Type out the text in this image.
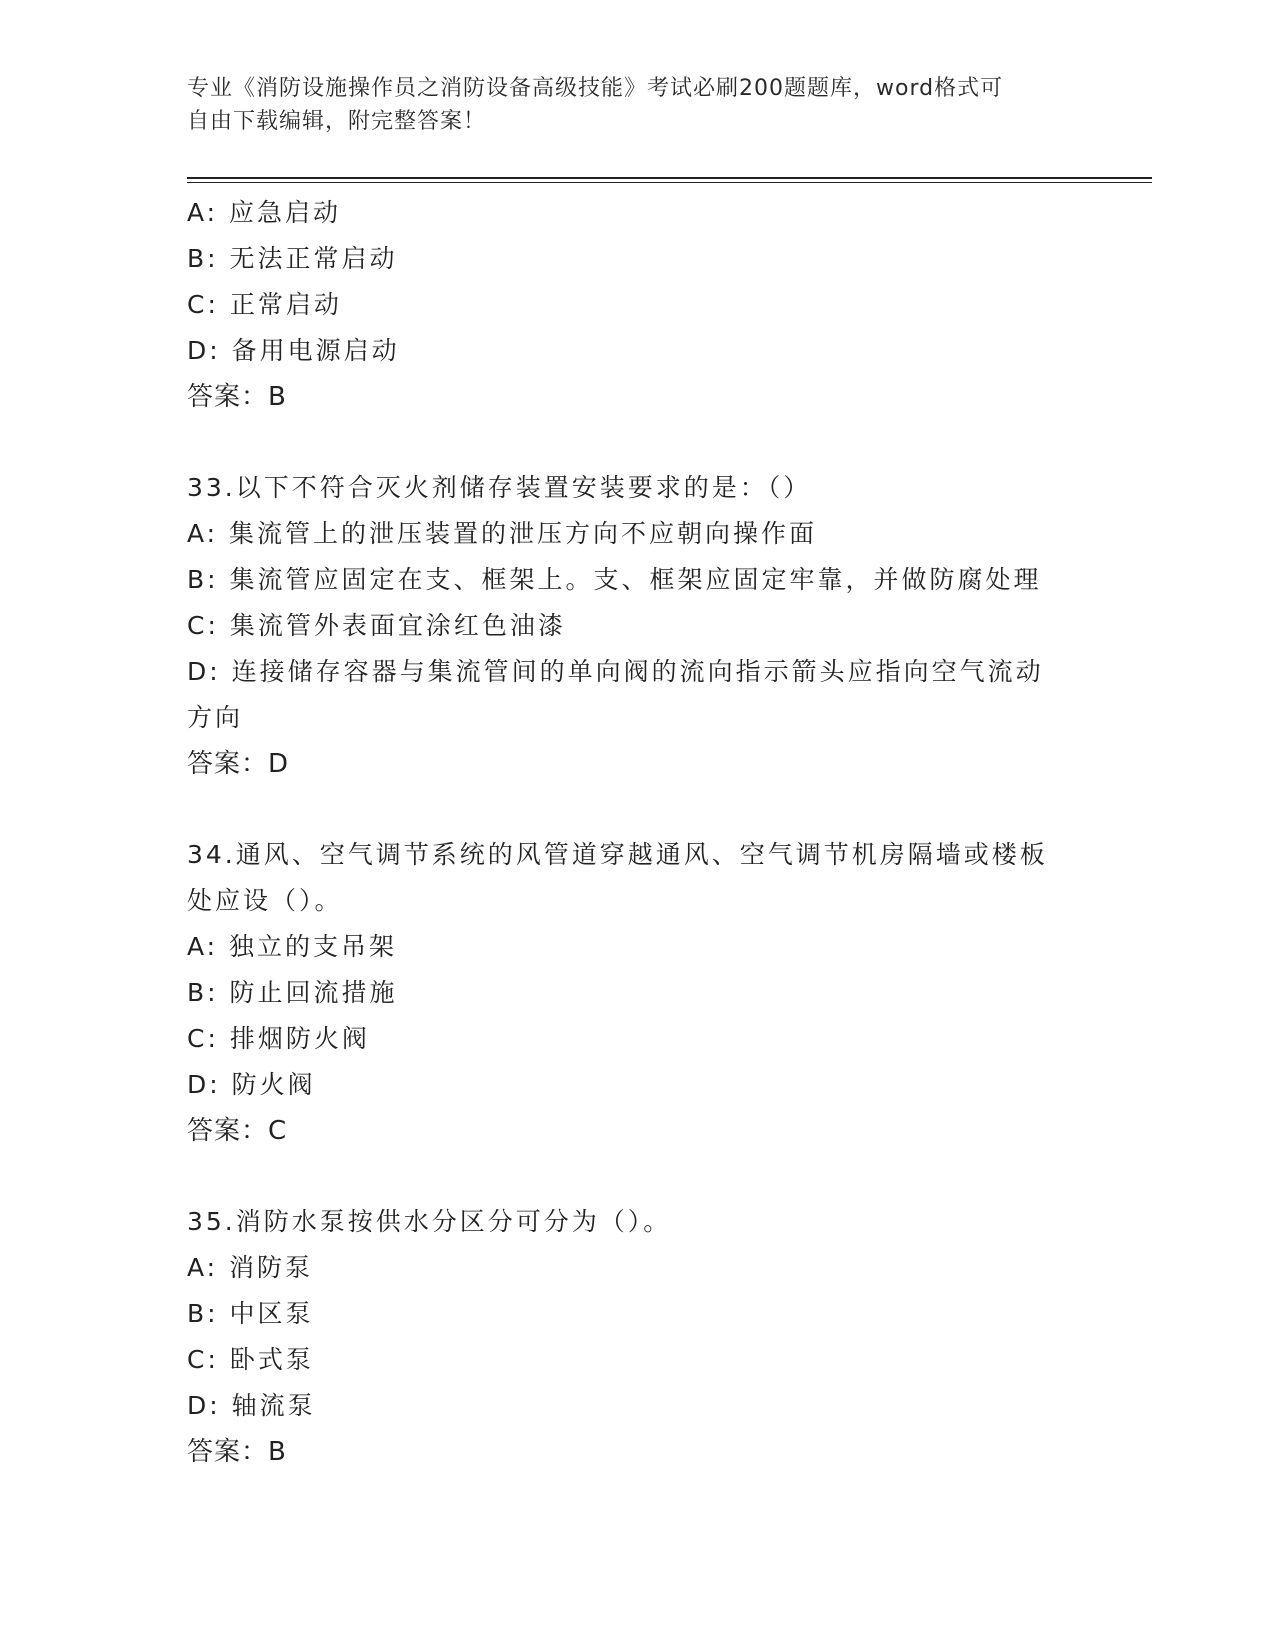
专业《消防设施操作员之消防设备高级技能》考试必刷200题题库，word格式可
自由下载编辑，附完整答案！
A: 应急启动
B: 无法正常启动
C: 正常启动
D: 备用电源启动
答案：B
33.以下不符合灭火剂储存装置安装要求的是：（）
A: 集流管上的泄压装置的泄压方向不应朝向操作面
B: 集流管应固定在支、框架上。支、框架应固定牢靠，并做防腐处理
C: 集流管外表面宜涂红色油漆
D: 连接储存容器与集流管间的单向阀的流向指示箭头应指向空气流动
方向
答案：D
34.通风、空气调节系统的风管道穿越通风、空气调节机房隔墙或楼板
处应设（）。
A: 独立的支吊架
B: 防止回流措施
C: 排烟防火阀
D: 防火阀
答案：C
35.消防水泵按供水分区分可分为（）。
A: 消防泵
B: 中区泵
C: 卧式泵
D: 轴流泵
答案：B
